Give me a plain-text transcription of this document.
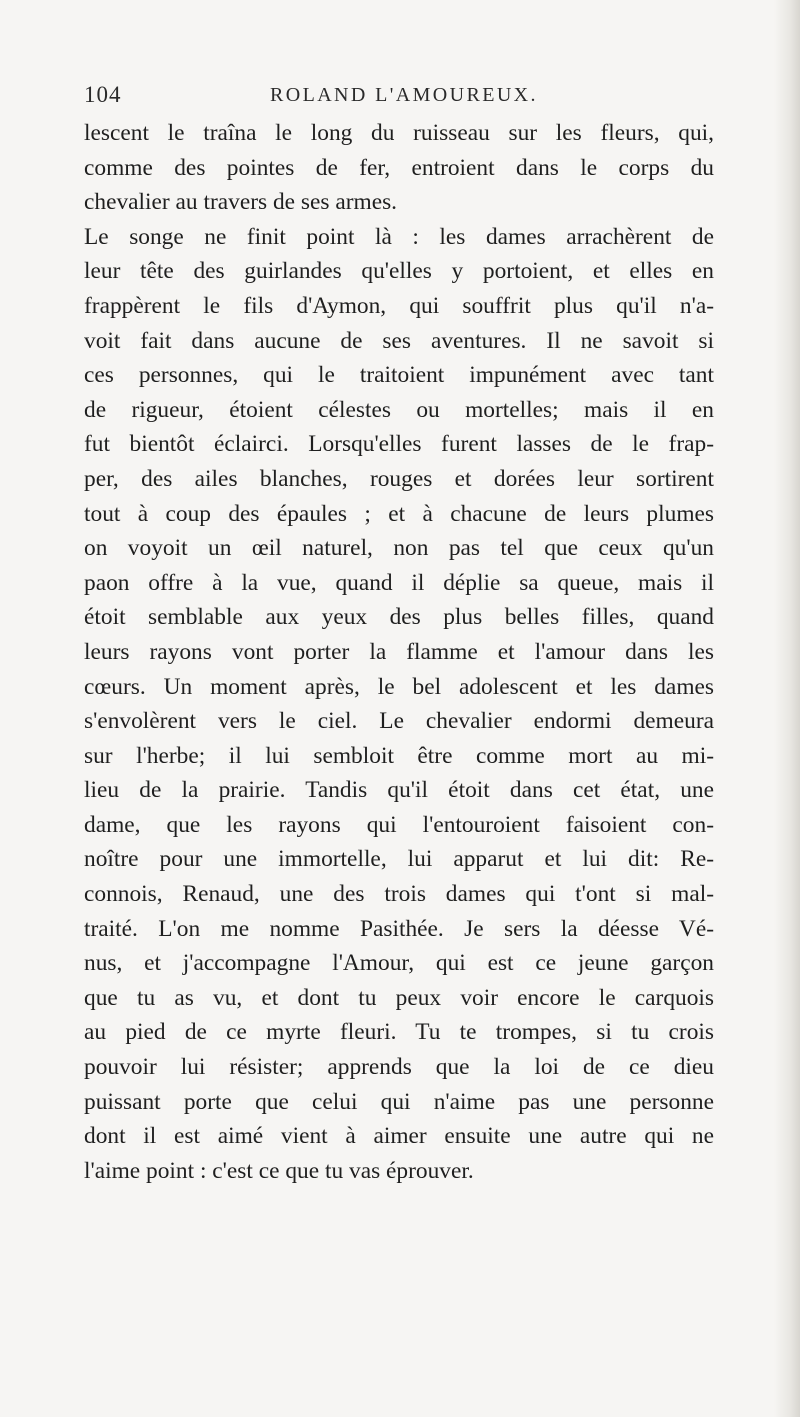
104	ROLAND L'AMOUREUX.
lescent le traîna le long du ruisseau sur les fleurs, qui,
comme des pointes de fer, entroient dans le corps du
chevalier au travers de ses armes.
Le songe ne finit point là : les dames arrachèrent de
leur tête des guirlandes qu'elles y portoient, et elles en
frappèrent le fils d'Aymon, qui souffrit plus qu'il n'a-
voit fait dans aucune de ses aventures. Il ne savoit si
ces personnes, qui le traitoient impunément avec tant
de rigueur, étoient célestes ou mortelles; mais il en
fut bientôt éclairci. Lorsqu'elles furent lasses de le frap-
per, des ailes blanches, rouges et dorées leur sortirent
tout à coup des épaules ; et à chacune de leurs plumes
on voyoit un œil naturel, non pas tel que ceux qu'un
paon offre à la vue, quand il déplie sa queue, mais il
étoit semblable aux yeux des plus belles filles, quand
leurs rayons vont porter la flamme et l'amour dans les
cœurs. Un moment après, le bel adolescent et les dames
s'envolèrent vers le ciel. Le chevalier endormi demeura
sur l'herbe; il lui sembloit être comme mort au mi-
lieu de la prairie. Tandis qu'il étoit dans cet état, une
dame, que les rayons qui l'entouroient faisoient con-
noître pour une immortelle, lui apparut et lui dit: Re-
connois, Renaud, une des trois dames qui t'ont si mal-
traité. L'on me nomme Pasithée. Je sers la déesse Vé-
nus, et j'accompagne l'Amour, qui est ce jeune garçon
que tu as vu, et dont tu peux voir encore le carquois
au pied de ce myrte fleuri. Tu te trompes, si tu crois
pouvoir lui résister; apprends que la loi de ce dieu
puissant porte que celui qui n'aime pas une personne
dont il est aimé vient à aimer ensuite une autre qui ne
l'aime point : c'est ce que tu vas éprouver.
